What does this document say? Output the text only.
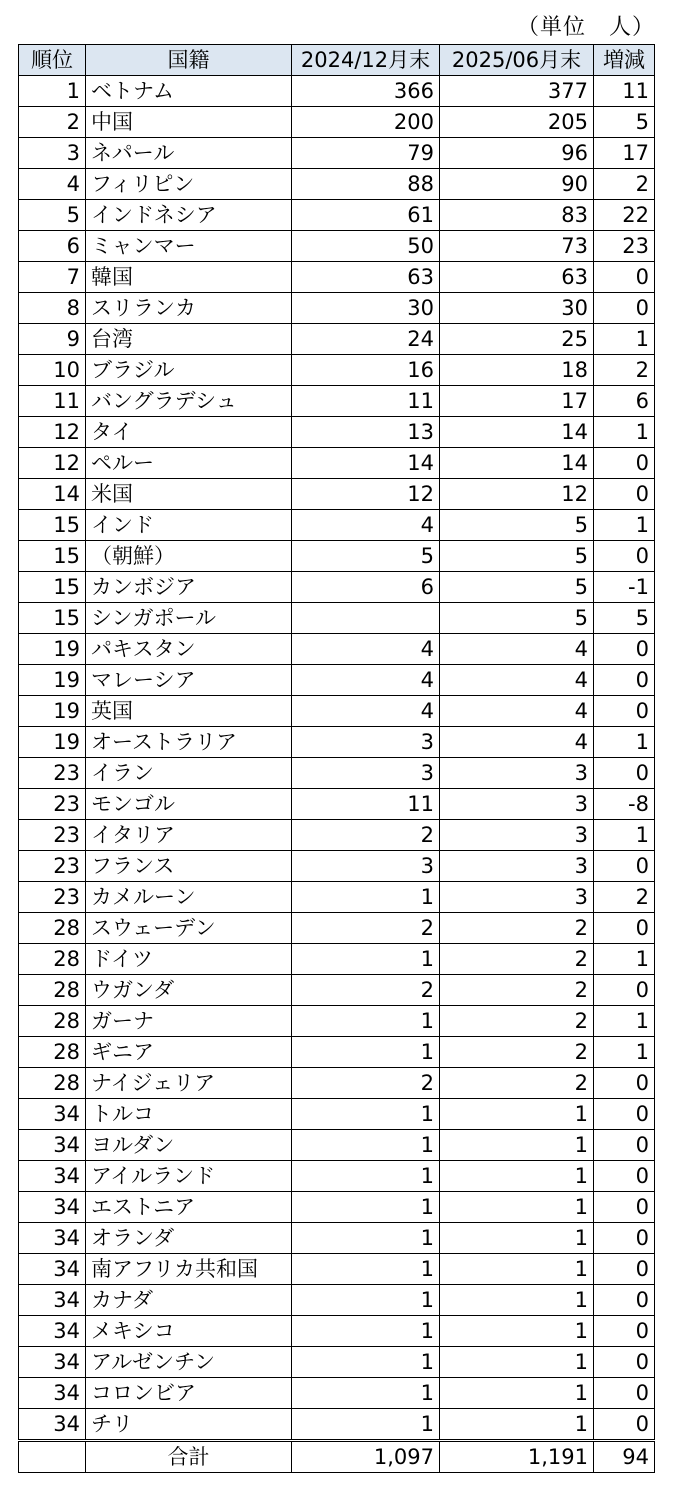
（単位　人）
順位	国籍	2024/12月末	2025/06月末	増減
1	ベトナム	366	377	11
2	中国	200	205	5
3	ネパール	79	96	17
4	フィリピン	88	90	2
5	インドネシア	61	83	22
6	ミャンマー	50	73	23
7	韓国	63	63	0
8	スリランカ	30	30	0
9	台湾	24	25	1
10	ブラジル	16	18	2
11	バングラデシュ	11	17	6
12	タイ	13	14	1
12	ペルー	14	14	0
14	米国	12	12	0
15	インド	4	5	1
15	（朝鮮）	5	5	0
15	カンボジア	6	5	-1
15	シンガポール		5	5
19	パキスタン	4	4	0
19	マレーシア	4	4	0
19	英国	4	4	0
19	オーストラリア	3	4	1
23	イラン	3	3	0
23	モンゴル	11	3	-8
23	イタリア	2	3	1
23	フランス	3	3	0
23	カメルーン	1	3	2
28	スウェーデン	2	2	0
28	ドイツ	1	2	1
28	ウガンダ	2	2	0
28	ガーナ	1	2	1
28	ギニア	1	2	1
28	ナイジェリア	2	2	0
34	トルコ	1	1	0
34	ヨルダン	1	1	0
34	アイルランド	1	1	0
34	エストニア	1	1	0
34	オランダ	1	1	0
34	南アフリカ共和国	1	1	0
34	カナダ	1	1	0
34	メキシコ	1	1	0
34	アルゼンチン	1	1	0
34	コロンビア	1	1	0
34	チリ	1	1	0
	合計	1,097	1,191	94
